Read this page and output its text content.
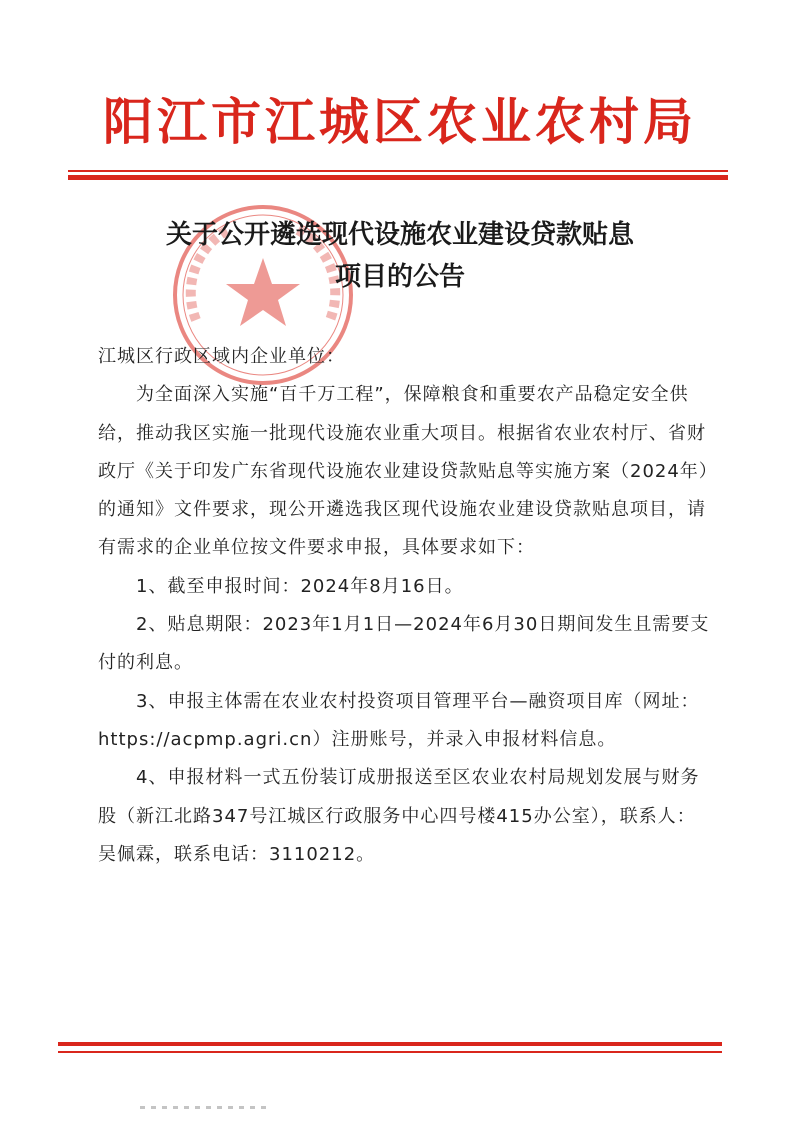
阳江市江城区农业农村局
关于公开遴选现代设施农业建设贷款贴息
项目的公告

江城区行政区域内企业单位：

为全面深入实施“百千万工程”，保障粮食和重要农产品稳定安全供给，推动我区实施一批现代设施农业重大项目。根据省农业农村厅、省财政厅《关于印发广东省现代设施农业建设贷款贴息等实施方案（2024年）的通知》文件要求，现公开遴选我区现代设施农业建设贷款贴息项目，请有需求的企业单位按文件要求申报，具体要求如下：

1、截至申报时间：2024年8月16日。

2、贴息期限：2023年1月1日—2024年6月30日期间发生且需要支付的利息。

3、申报主体需在农业农村投资项目管理平台—融资项目库（网址：https://acpmp.agri.cn）注册账号，并录入申报材料信息。

4、申报材料一式五份装订成册报送至区农业农村局规划发展与财务股（新江北路347号江城区行政服务中心四号楼415办公室），联系人：吴佩霖，联系电话：3110212。
